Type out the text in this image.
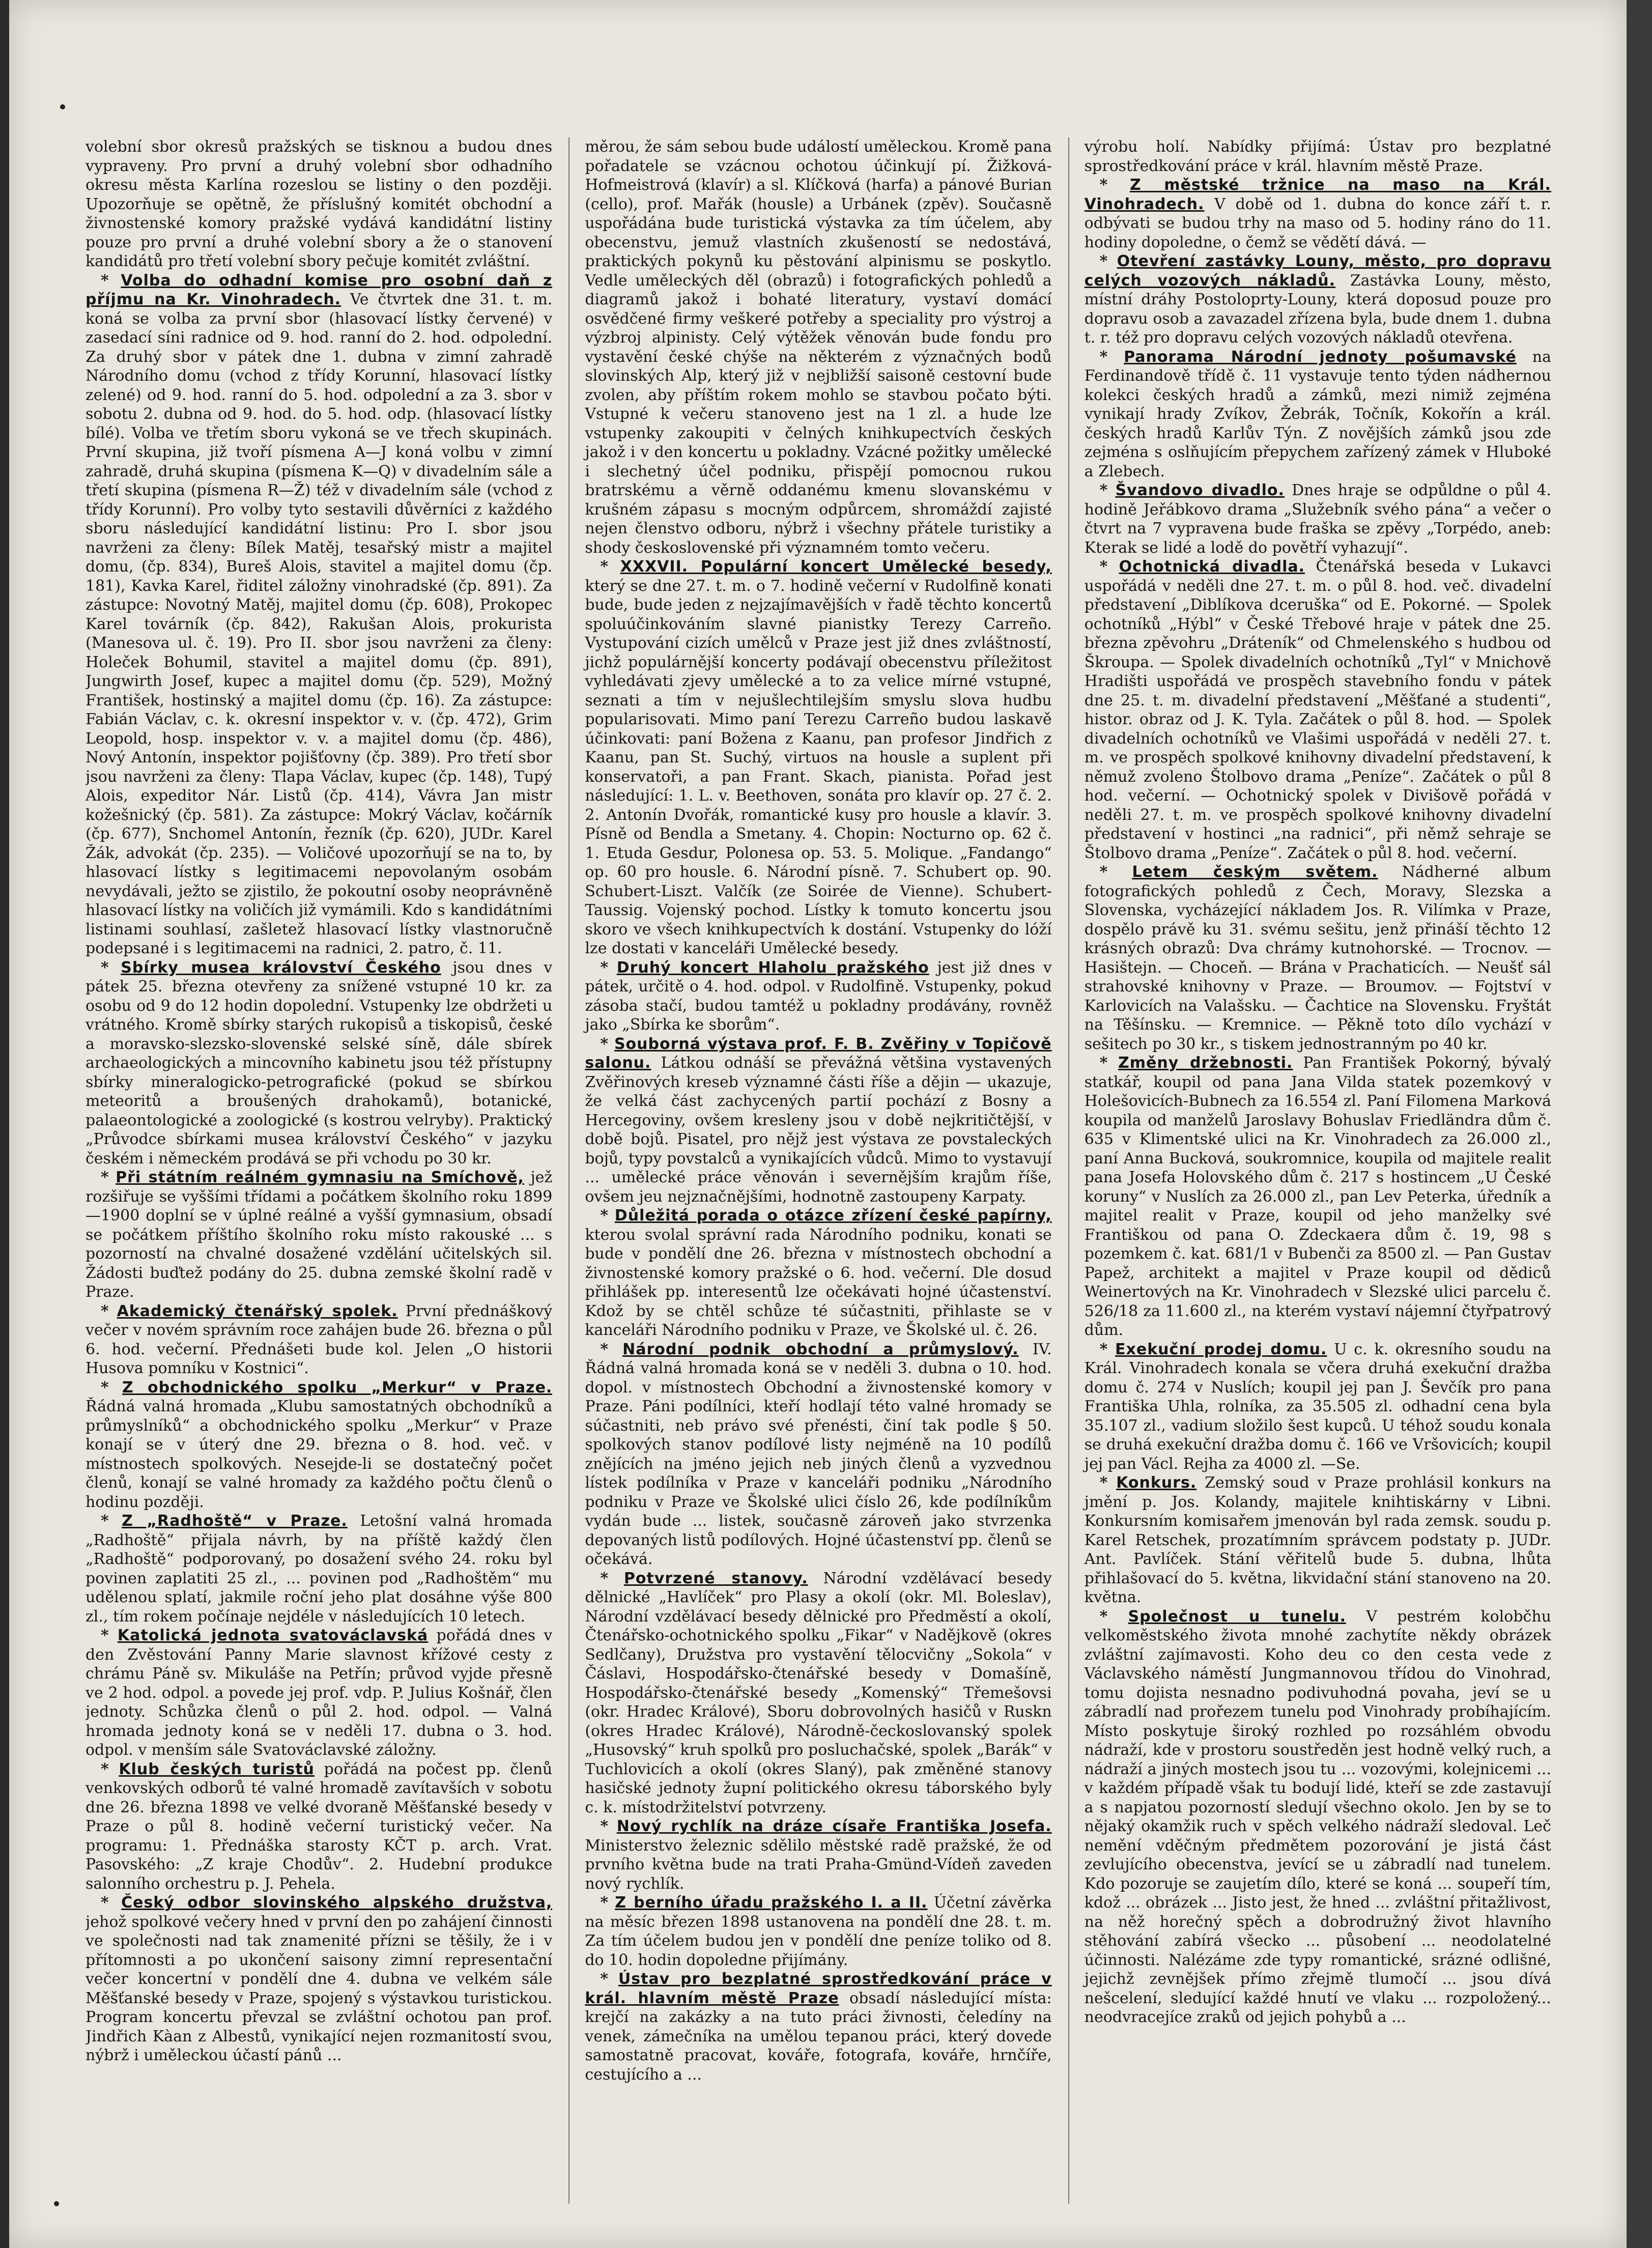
volební sbor okresů pražských se tisknou a budou dnes vypraveny. Pro první a druhý volební sbor odhadního okresu města Karlína rozeslou se listiny o den později. Upozorňuje se opětně, že příslušný komitét obchodní a živnostenské komory pražské vydává kandidátní listiny pouze pro první a druhé volební sbory a že o stanovení kandidátů pro třetí volební sbory pečuje komitét zvláštní.

* Volba do odhadní komise pro osobní daň z příjmu na Kr. Vinohradech. Ve čtvrtek dne 31. t. m. koná se volba za první sbor (hlasovací lístky červené) v zasedací síni radnice od 9. hod. ranní do 2. hod. odpolední. Za druhý sbor v pátek dne 1. dubna v zimní zahradě Národního domu (vchod z třídy Korunní, hlasovací lístky zelené) od 9. hod. ranní do 5. hod. odpolední a za 3. sbor v sobotu 2. dubna od 9. hod. do 5. hod. odp. (hlasovací lístky bílé). Volba ve třetím sboru vykoná se ve třech skupinách. První skupina, již tvoří písmena A—J koná volbu v zimní zahradě, druhá skupina (písmena K—Q) v divadelním sále a třetí skupina (písmena R—Ž) též v divadelním sále (vchod z třídy Korunní). Pro volby tyto sestavili důvěrníci z každého sboru následující kandidátní listinu: Pro I. sbor jsou navrženi za členy: Bílek Matěj, tesařský mistr a majitel domu, (čp. 834), Bureš Alois, stavitel a majitel domu (čp. 181), Kavka Karel, řiditel záložny vinohradské (čp. 891). Za zástupce: Novotný Matěj, majitel domu (čp. 608), Prokopec Karel továrník (čp. 842), Rakušan Alois, prokurista (Manesova ul. č. 19). Pro II. sbor jsou navrženi za členy: Holeček Bohumil, stavitel a majitel domu (čp. 891), Jungwirth Josef, kupec a majitel domu (čp. 529), Možný František, hostinský a majitel domu (čp. 16). Za zástupce: Fabián Václav, c. k. okresní inspektor v. v. (čp. 472), Grim Leopold, hosp. inspektor v. v. a majitel domu (čp. 486), Nový Antonín, inspektor pojišťovny (čp. 389). Pro třetí sbor jsou navrženi za členy: Tlapa Václav, kupec (čp. 148), Tupý Alois, expeditor Nár. Listů (čp. 414), Vávra Jan mistr kožešnický (čp. 581). Za zástupce: Mokrý Václav, kočárník (čp. 677), Snchomel Antonín, řezník (čp. 620), JUDr. Karel Žák, advokát (čp. 235). — Voličové upozorňují se na to, by hlasovací lístky s legitimacemi nepovolaným osobám nevydávali, ježto se zjistilo, že pokoutní osoby neoprávněně hlasovací lístky na voličích již vymámili. Kdo s kandidátními listinami souhlasí, zašletež hlasovací lístky vlastnoručně podepsané i s legitimacemi na radnici, 2. patro, č. 11.

* Sbírky musea království Českého jsou dnes v pátek 25. března otevřeny za snížené vstupné 10 kr. za osobu od 9 do 12 hodin dopolední. Vstupenky lze obdržeti u vrátného. Kromě sbírky starých rukopisů a tiskopisů, české a moravsko-slezsko-slovenské selské síně, dále sbírek archaeologických a mincovního kabinetu jsou též přístupny sbírky mineralogicko-petrografické (pokud se sbírkou meteoritů a broušených drahokamů), botanické, palaeontologické a zoologické (s kostrou velryby). Praktický „Průvodce sbírkami musea království Českého“ v jazyku českém i německém prodává se při vchodu po 30 kr.

* Při státním reálném gymnasiu na Smíchově, jež rozšiřuje se vyššími třídami a počátkem školního roku 1899—1900 doplní se v úplné reálné a vyšší gymnasium, obsadí se počátkem příštího školního roku místo rakouské ... s pozorností na chvalné dosažené vzdělání učitelských sil. Žádosti buďtež podány do 25. dubna zemské školní radě v Praze.

* Akademický čtenářský spolek. První přednáškový večer v novém správním roce zahájen bude 26. března o půl 6. hod. večerní. Přednášeti bude kol. Jelen „O historii Husova pomníku v Kostnici“.

* Z obchodnického spolku „Merkur“ v Praze. Řádná valná hromada „Klubu samostatných obchodníků a průmyslníků“ a obchodnického spolku „Merkur“ v Praze konají se v úterý dne 29. března o 8. hod. več. v místnostech spolkových. Nesejde-li se dostatečný počet členů, konají se valné hromady za každého počtu členů o hodinu později.

* Z „Radhoště“ v Praze. Letošní valná hromada „Radhoště“ přijala návrh, by na příště každý člen „Radhoště“ podporovaný, po dosažení svého 24. roku byl povinen zaplatiti 25 zl., ... povinen pod „Radhoštěm“ mu udělenou splatí, jakmile roční jeho plat dosáhne výše 800 zl., tím rokem počínaje nejdéle v následujících 10 letech.

* Katolická jednota svatováclavská pořádá dnes v den Zvěstování Panny Marie slavnost křížové cesty z chrámu Páně sv. Mikuláše na Petřín; průvod vyjde přesně ve 2 hod. odpol. a povede jej prof. vdp. P. Julius Košnář, člen jednoty. Schůzka členů o půl 2. hod. odpol. — Valná hromada jednoty koná se v neděli 17. dubna o 3. hod. odpol. v menším sále Svatováclavské záložny.

* Klub českých turistů pořádá na počest pp. členů venkovských odborů té valné hromadě zavítavších v sobotu dne 26. března 1898 ve velké dvoraně Měšťanské besedy v Praze o půl 8. hodině večerní turistický večer. Na programu: 1. Přednáška starosty KČT p. arch. Vrat. Pasovského: „Z kraje Chodův“. 2. Hudební produkce salonního orchestru p. J. Pehela.

* Český odbor slovinského alpského družstva, jehož spolkové večery hned v první den po zahájení činnosti ve společnosti nad tak znamenité přízni se těšily, že i v přítomnosti a po ukončení saisony zimní representační večer koncertní v pondělí dne 4. dubna ve velkém sále Měšťanské besedy v Praze, spojený s výstavkou turistickou. Program koncertu převzal se zvláštní ochotou pan prof. Jindřich Kàan z Albestů, vynikající nejen rozmanitostí svou, nýbrž i uměleckou účastí pánů ...

měrou, že sám sebou bude událostí uměleckou. Kromě pana pořadatele se vzácnou ochotou účinkují pí. Žižková-Hofmeistrová (klavír) a sl. Klíčková (harfa) a pánové Burian (cello), prof. Mařák (housle) a Urbánek (zpěv). Současně uspořádána bude turistická výstavka za tím účelem, aby obecenstvu, jemuž vlastních zkušeností se nedostává, praktických pokynů ku pěstování alpinismu se poskytlo. Vedle uměleckých děl (obrazů) i fotografických pohledů a diagramů jakož i bohaté literatury, vystaví domácí osvědčené firmy veškeré potřeby a speciality pro výstroj a výzbroj alpinisty. Celý výtěžek věnován bude fondu pro vystavění české chýše na některém z význačných bodů slovinských Alp, který již v nejbližší saisoně cestovní bude zvolen, aby příštím rokem mohlo se stavbou počato býti. Vstupné k večeru stanoveno jest na 1 zl. a hude lze vstupenky zakoupiti v čelných knihkupectvích českých jakož i v den koncertu u pokladny. Vzácné požitky umělecké i slechetný účel podniku, přispějí pomocnou rukou bratrskému a věrně oddanému kmenu slovanskému v krušném zápasu s mocným odpůrcem, shromáždí zajisté nejen členstvo odboru, nýbrž i všechny přátele turistiky a shody československé při významném tomto večeru.

* XXXVII. Populární koncert Umělecké besedy, který se dne 27. t. m. o 7. hodině večerní v Rudolfině konati bude, bude jeden z nejzajímavějších v řadě těchto koncertů spoluúčinkováním slavné pianistky Terezy Carreño. Vystupování cizích umělců v Praze jest již dnes zvláštností, jichž populárnější koncerty podávají obecenstvu příležitost vyhledávati zjevy umělecké a to za velice mírné vstupné, seznati a tím v nejušlechtilejším smyslu slova hudbu popularisovati. Mimo paní Terezu Carreño budou laskavě účinkovati: paní Božena z Kaanu, pan profesor Jindřich z Kaanu, pan St. Suchý, virtuos na housle a suplent při konservatoři, a pan Frant. Skach, pianista. Pořad jest následující: 1. L. v. Beethoven, sonáta pro klavír op. 27 č. 2. 2. Antonín Dvořák, romantické kusy pro housle a klavír. 3. Písně od Bendla a Smetany. 4. Chopin: Nocturno op. 62 č. 1. Etuda Gesdur, Polonesa op. 53. 5. Molique. „Fandango“ op. 60 pro housle. 6. Národní písně. 7. Schubert op. 90. Schubert-Liszt. Valčík (ze Soirée de Vienne). Schubert-Taussig. Vojenský pochod. Lístky k tomuto koncertu jsou skoro ve všech knihkupectvích k dostání. Vstupenky do lóží lze dostati v kanceláři Umělecké besedy.

* Druhý koncert Hlaholu pražského jest již dnes v pátek, určitě o 4. hod. odpol. v Rudolfině. Vstupenky, pokud zásoba stačí, budou tamtéž u pokladny prodávány, rovněž jako „Sbírka ke sborům“.

* Souborná výstava prof. F. B. Zvěřiny v Topičově salonu. Látkou odnáší se převážná většina vystavených Zvěřinových kreseb významné části říše a dějin — ukazuje, že velká část zachycených partií pochází z Bosny a Hercegoviny, ovšem kresleny jsou v době nejkritičtější, v době bojů. Pisatel, pro nějž jest výstava ze povstaleckých bojů, typy povstalců a vynikajících vůdců. Mimo to vystavují ... umělecké práce věnován i severnějším krajům říše, ovšem jeu nejznačnějšími, hodnotně zastoupeny Karpaty.

* Důležitá porada o otázce zřízení české papírny, kterou svolal správní rada Národního podniku, konati se bude v pondělí dne 26. března v místnostech obchodní a živnostenské komory pražské o 6. hod. večerní. Dle dosud přihlášek pp. interesentů lze očekávati hojné účastenství. Kdož by se chtěl schůze té súčastniti, přihlaste se v kanceláři Národního podniku v Praze, ve Školské ul. č. 26.

* Národní podnik obchodní a průmyslový. IV. Řádná valná hromada koná se v neděli 3. dubna o 10. hod. dopol. v místnostech Obchodní a živnostenské komory v Praze. Páni podílníci, kteří hodlají této valné hromady se súčastniti, neb právo své přenésti, činí tak podle § 50. spolkových stanov podílové listy nejméně na 10 podílů znějících na jméno jejich neb jiných členů a vyzvednou lístek podílníka v Praze v kanceláři podniku „Národního podniku v Praze ve Školské ulici číslo 26, kde podílníkům vydán bude ... listek, současně zároveň jako stvrzenka depovaných listů podílových. Hojné účastenství pp. členů se očekává.

* Potvrzené stanovy. Národní vzdělávací besedy dělnické „Havlíček“ pro Plasy a okolí (okr. Ml. Boleslav), Národní vzdělávací besedy dělnické pro Předměstí a okolí, Čtenářsko-ochotnického spolku „Fikar“ v Nadějkově (okres Sedlčany), Družstva pro vystavění tělocvičny „Sokola“ v Čáslavi, Hospodářsko-čtenářské besedy v Domašíně, Hospodářsko-čtenářské besedy „Komenský“ Třemešovsi (okr. Hradec Králové), Sboru dobrovolných hasičů v Ruskn (okres Hradec Králové), Národně-čeckoslovanský spolek „Husovský“ kruh spolků pro posluchačské, spolek „Barák“ v Tuchlovicích a okolí (okres Slaný), pak změněné stanovy hasičské jednoty župní politického okresu táborského byly c. k. místodržitelství potvrzeny.

* Nový rychlík na dráze císaře Františka Josefa. Ministerstvo železnic sdělilo městské radě pražské, že od prvního května bude na trati Praha-Gmünd-Vídeň zaveden nový rychlík.

* Z berního úřadu pražského I. a II. Účetní závěrka na měsíc březen 1898 ustanovena na pondělí dne 28. t. m. Za tím účelem budou jen v pondělí dne peníze toliko od 8. do 10. hodin dopoledne přijímány.

* Ústav pro bezplatné sprostředkování práce v král. hlavním městě Praze obsadí následující místa: krejčí na zakázky a na tuto práci živnosti, čeledíny na venek, zámečníka na umělou tepanou práci, který dovede samostatně pracovat, kováře, fotografa, kováře, hrnčíře, cestujícího a ...

výrobu holí. Nabídky přijímá: Ústav pro bezplatné sprostředkování práce v král. hlavním městě Praze.

* Z městské tržnice na maso na Král. Vinohradech. V době od 1. dubna do konce září t. r. odbývati se budou trhy na maso od 5. hodiny ráno do 11. hodiny dopoledne, o čemž se vědětí dává. —

* Otevření zastávky Louny, město, pro dopravu celých vozových nákladů. Zastávka Louny, město, místní dráhy Postoloprty-Louny, která doposud pouze pro dopravu osob a zavazadel zřízena byla, bude dnem 1. dubna t. r. též pro dopravu celých vozových nákladů otevřena.

* Panorama Národní jednoty pošumavské na Ferdinandově třídě č. 11 vystavuje tento týden nádhernou kolekci českých hradů a zámků, mezi nimiž zejména vynikají hrady Zvíkov, Žebrák, Točník, Kokořín a král. českých hradů Karlův Týn. Z novějších zámků jsou zde zejména s oslňujícím přepychem zařízený zámek v Hluboké a Zlebech.

* Švandovo divadlo. Dnes hraje se odpůldne o půl 4. hodině Jeřábkovo drama „Služebník svého pána“ a večer o čtvrt na 7 vypravena bude fraška se zpěvy „Torpédo, aneb: Kterak se lidé a lodě do povětří vyhazují“.

* Ochotnická divadla. Čtenářská beseda v Lukavci uspořádá v neděli dne 27. t. m. o půl 8. hod. več. divadelní představení „Diblíkova dceruška“ od E. Pokorné. — Spolek ochotníků „Hýbl“ v České Třebové hraje v pátek dne 25. března zpěvohru „Dráteník“ od Chmelenského s hudbou od Škroupa. — Spolek divadelních ochotníků „Tyl“ v Mnichově Hradišti uspořádá ve prospěch stavebního fondu v pátek dne 25. t. m. divadelní představení „Měšťané a studenti“, histor. obraz od J. K. Tyla. Začátek o půl 8. hod. — Spolek divadelních ochotníků ve Vlašimi uspořádá v neděli 27. t. m. ve prospěch spolkové knihovny divadelní představení, k němuž zvoleno Štolbovo drama „Peníze“. Začátek o půl 8 hod. večerní. — Ochotnický spolek v Divišově pořádá v neděli 27. t. m. ve prospěch spolkové knihovny divadelní představení v hostinci „na radnici“, při němž sehraje se Štolbovo drama „Peníze“. Začátek o půl 8. hod. večerní.

* Letem českým světem. Nádherné album fotografických pohledů z Čech, Moravy, Slezska a Slovenska, vycházející nákladem Jos. R. Vilímka v Praze, dospělo právě ku 31. svému sešitu, jenž přináší těchto 12 krásných obrazů: Dva chrámy kutnohorské. — Trocnov. — Hasištejn. — Choceň. — Brána v Prachaticích. — Neušť sál strahovské knihovny v Praze. — Broumov. — Fojtství v Karlovicích na Valašsku. — Čachtice na Slovensku. Fryštát na Těšínsku. — Kremnice. — Pěkně toto dílo vychází v sešitech po 30 kr., s tiskem jednostranným po 40 kr.

* Změny držebnosti. Pan František Pokorný, bývalý statkář, koupil od pana Jana Vilda statek pozemkový v Holešovicích-Bubnech za 16.554 zl. Paní Filomena Marková koupila od manželů Jaroslavy Bohuslav Friedländra dům č. 635 v Klimentské ulici na Kr. Vinohradech za 26.000 zl., paní Anna Bucková, soukromnice, koupila od majitele realit pana Josefa Holovského dům č. 217 s hostincem „U České koruny“ v Nuslích za 26.000 zl., pan Lev Peterka, úředník a majitel realit v Praze, koupil od jeho manželky své Františkou od pana O. Zdeckaera dům č. 19, 98 s pozemkem č. kat. 681/1 v Bubenči za 8500 zl. — Pan Gustav Papež, architekt a majitel v Praze koupil od dědiců Weinertových na Kr. Vinohradech v Slezské ulici parcelu č. 526/18 za 11.600 zl., na kterém vystaví nájemní čtyřpatrový dům.

* Exekuční prodej domu. U c. k. okresního soudu na Král. Vinohradech konala se včera druhá exekuční dražba domu č. 274 v Nuslích; koupil jej pan J. Ševčík pro pana Františka Uhla, rolníka, za 35.505 zl. odhadní cena byla 35.107 zl., vadium složilo šest kupců. U téhož soudu konala se druhá exekuční dražba domu č. 166 ve Vršovicích; koupil jej pan Václ. Rejha za 4000 zl. —Se.

* Konkurs. Zemský soud v Praze prohlásil konkurs na jmění p. Jos. Kolandy, majitele knihtiskárny v Libni. Konkursním komisařem jmenován byl rada zemsk. soudu p. Karel Retschek, prozatímním správcem podstaty p. JUDr. Ant. Pavlíček. Stání věřitelů bude 5. dubna, lhůta přihlašovací do 5. května, likvidační stání stanoveno na 20. května.

* Společnost u tunelu. V pestrém kolobčhu velkoměstského života mnohé zachytíte někdy obrázek zvláštní zajímavosti. Koho deu co den cesta vede z Václavského náměstí Jungmannovou třídou do Vinohrad, tomu dojista nesnadno podivuhodná povaha, jeví se u zábradlí nad prořezem tunelu pod Vinohrady probíhajícím. Místo poskytuje široký rozhled po rozsáhlém obvodu nádraží, kde v prostoru soustředěn jest hodně velký ruch, a nádraží a jiných mostech jsou tu ... vozovými, kolejnicemi ... v každém případě však tu bodují lidé, kteří se zde zastavují a s napjatou pozorností sledují všechno okolo. Jen by se to nějaký okamžik ruch v spěch velkého nádraží sledoval. Leč nemění vděčným předmětem pozorování je jistá část zevlujícího obecenstva, jevící se u zábradlí nad tunelem. Kdo pozoruje se zaujetím dílo, které se koná ... soupeří tím, kdož ... obrázek ... Jisto jest, že hned ... zvláštní přitažlivost, na něž horečný spěch a dobrodružný život hlavního stěhování zabírá všecko ... působení ... neodolatelné účinnosti. Nalézáme zde typy romantické, srázné odlišné, jejichž zevnějšek přímo zřejmě tlumočí ... jsou dívá nešcelení, sledující každé hnutí ve vlaku ... rozpoložený... neodvracejíce zraků od jejich pohybů a ...
